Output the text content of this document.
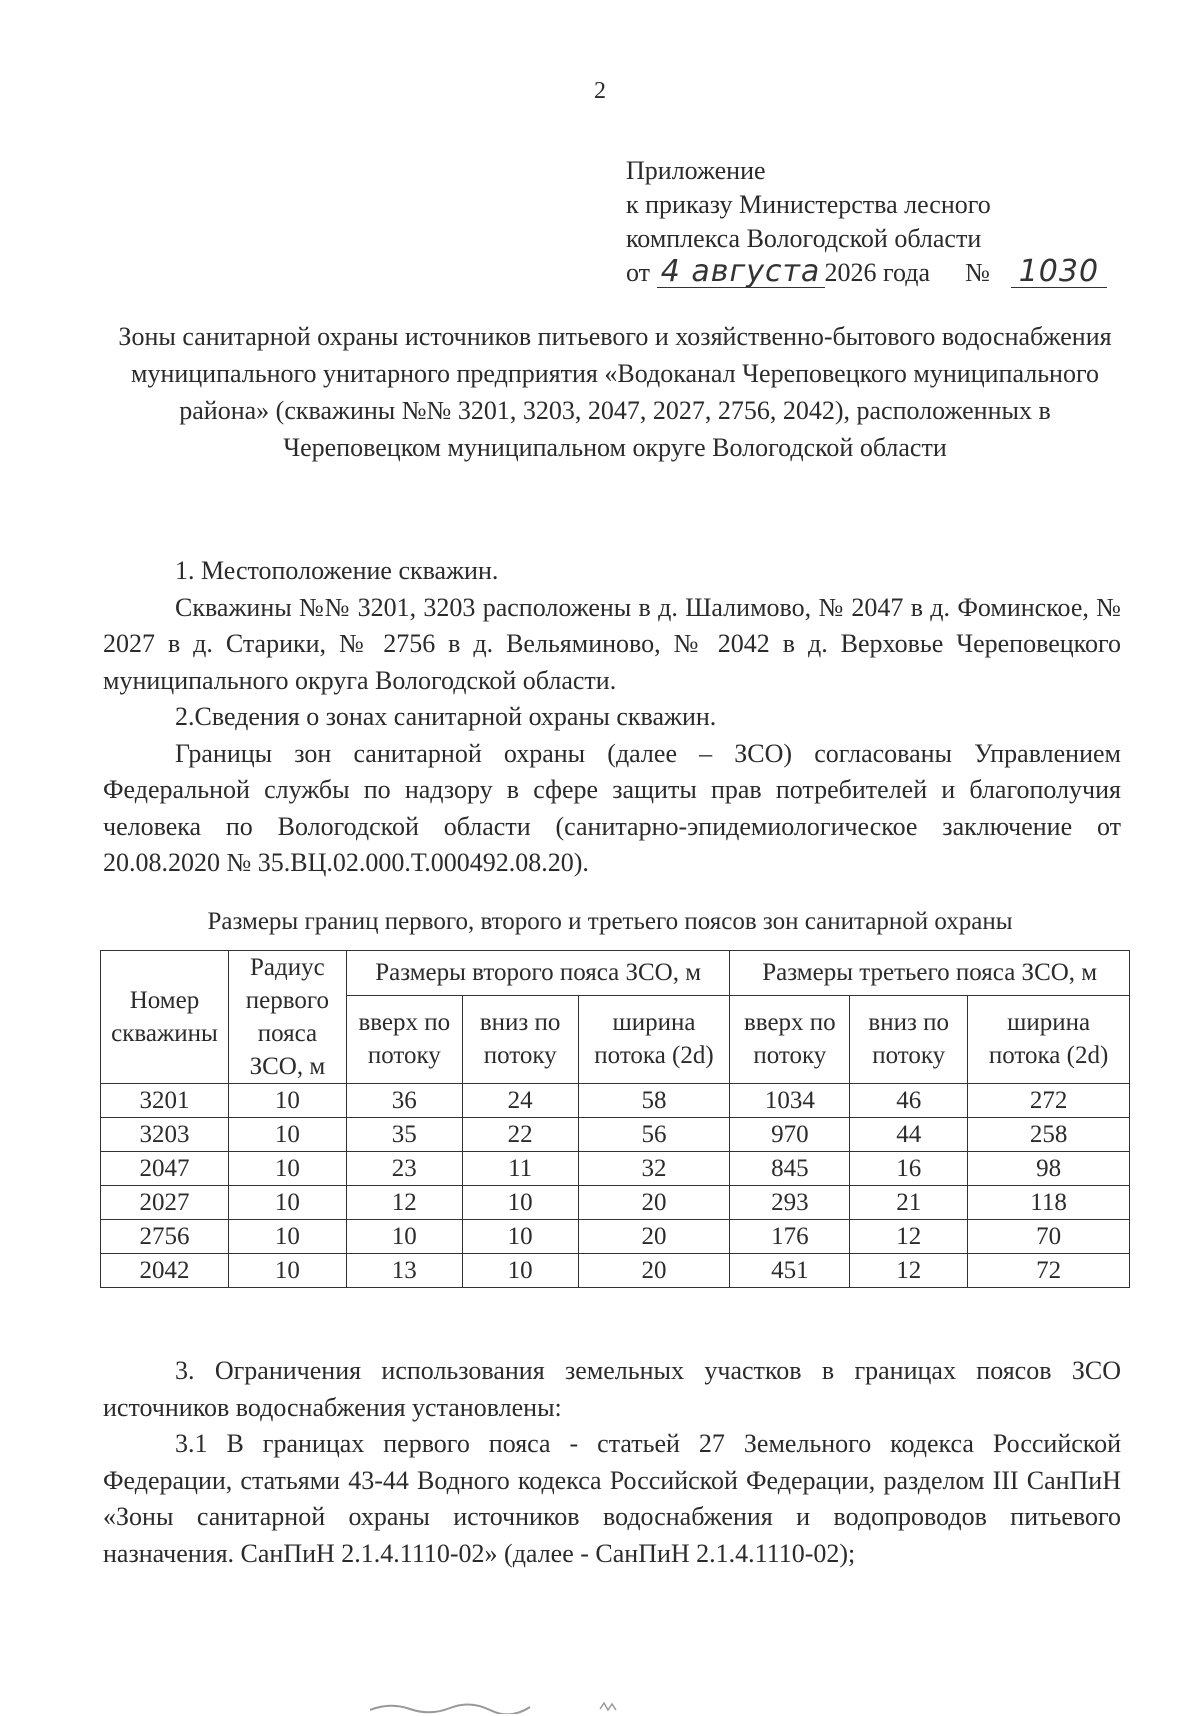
2
Приложение
к приказу Министерства лесного
комплекса Вологодской области
от 4 августа 2026 года № 1030
Зоны санитарной охраны источников питьевого и хозяйственно-бытового водоснабжения муниципального унитарного предприятия «Водоканал Череповецкого муниципального района» (скважины №№ 3201, 3203, 2047, 2027, 2756, 2042), расположенных в Череповецком муниципальном округе Вологодской области

1. Местоположение скважин.

Скважины №№ 3201, 3203 расположены в д. Шалимово, № 2047 в д. Фоминское, № 2027 в д. Старики, № 2756 в д. Вельяминово, № 2042 в д. Верховье Череповецкого муниципального округа Вологодской области.

2.Сведения о зонах санитарной охраны скважин.

Границы зон санитарной охраны (далее – ЗСО) согласованы Управлением Федеральной службы по надзору в сфере защиты прав потребителей и благополучия человека по Вологодской области (санитарно-эпидемиологическое заключение от 20.08.2020 № 35.ВЦ.02.000.Т.000492.08.20).

Размеры границ первого, второго и третьего поясов зон санитарной охраны
Номер скважины	Радиус первого пояса ЗСО, м	Размеры второго пояса ЗСО, м			Размеры третьего пояса ЗСО, м		
		вверх по потоку	вниз по потоку	ширина потока (2d)	вверх по потоку	вниз по потоку	ширина потока (2d)
3201	10	36	24	58	1034	46	272
3203	10	35	22	56	970	44	258
2047	10	23	11	32	845	16	98
2027	10	12	10	20	293	21	118
2756	10	10	10	20	176	12	70
2042	10	13	10	20	451	12	72

3. Ограничения использования земельных участков в границах поясов ЗСО источников водоснабжения установлены:

3.1 В границах первого пояса - статьей 27 Земельного кодекса Российской Федерации, статьями 43-44 Водного кодекса Российской Федерации, разделом III СанПиН «Зоны санитарной охраны источников водоснабжения и водопроводов питьевого назначения. СанПиН 2.1.4.1110-02» (далее - СанПиН 2.1.4.1110-02);
